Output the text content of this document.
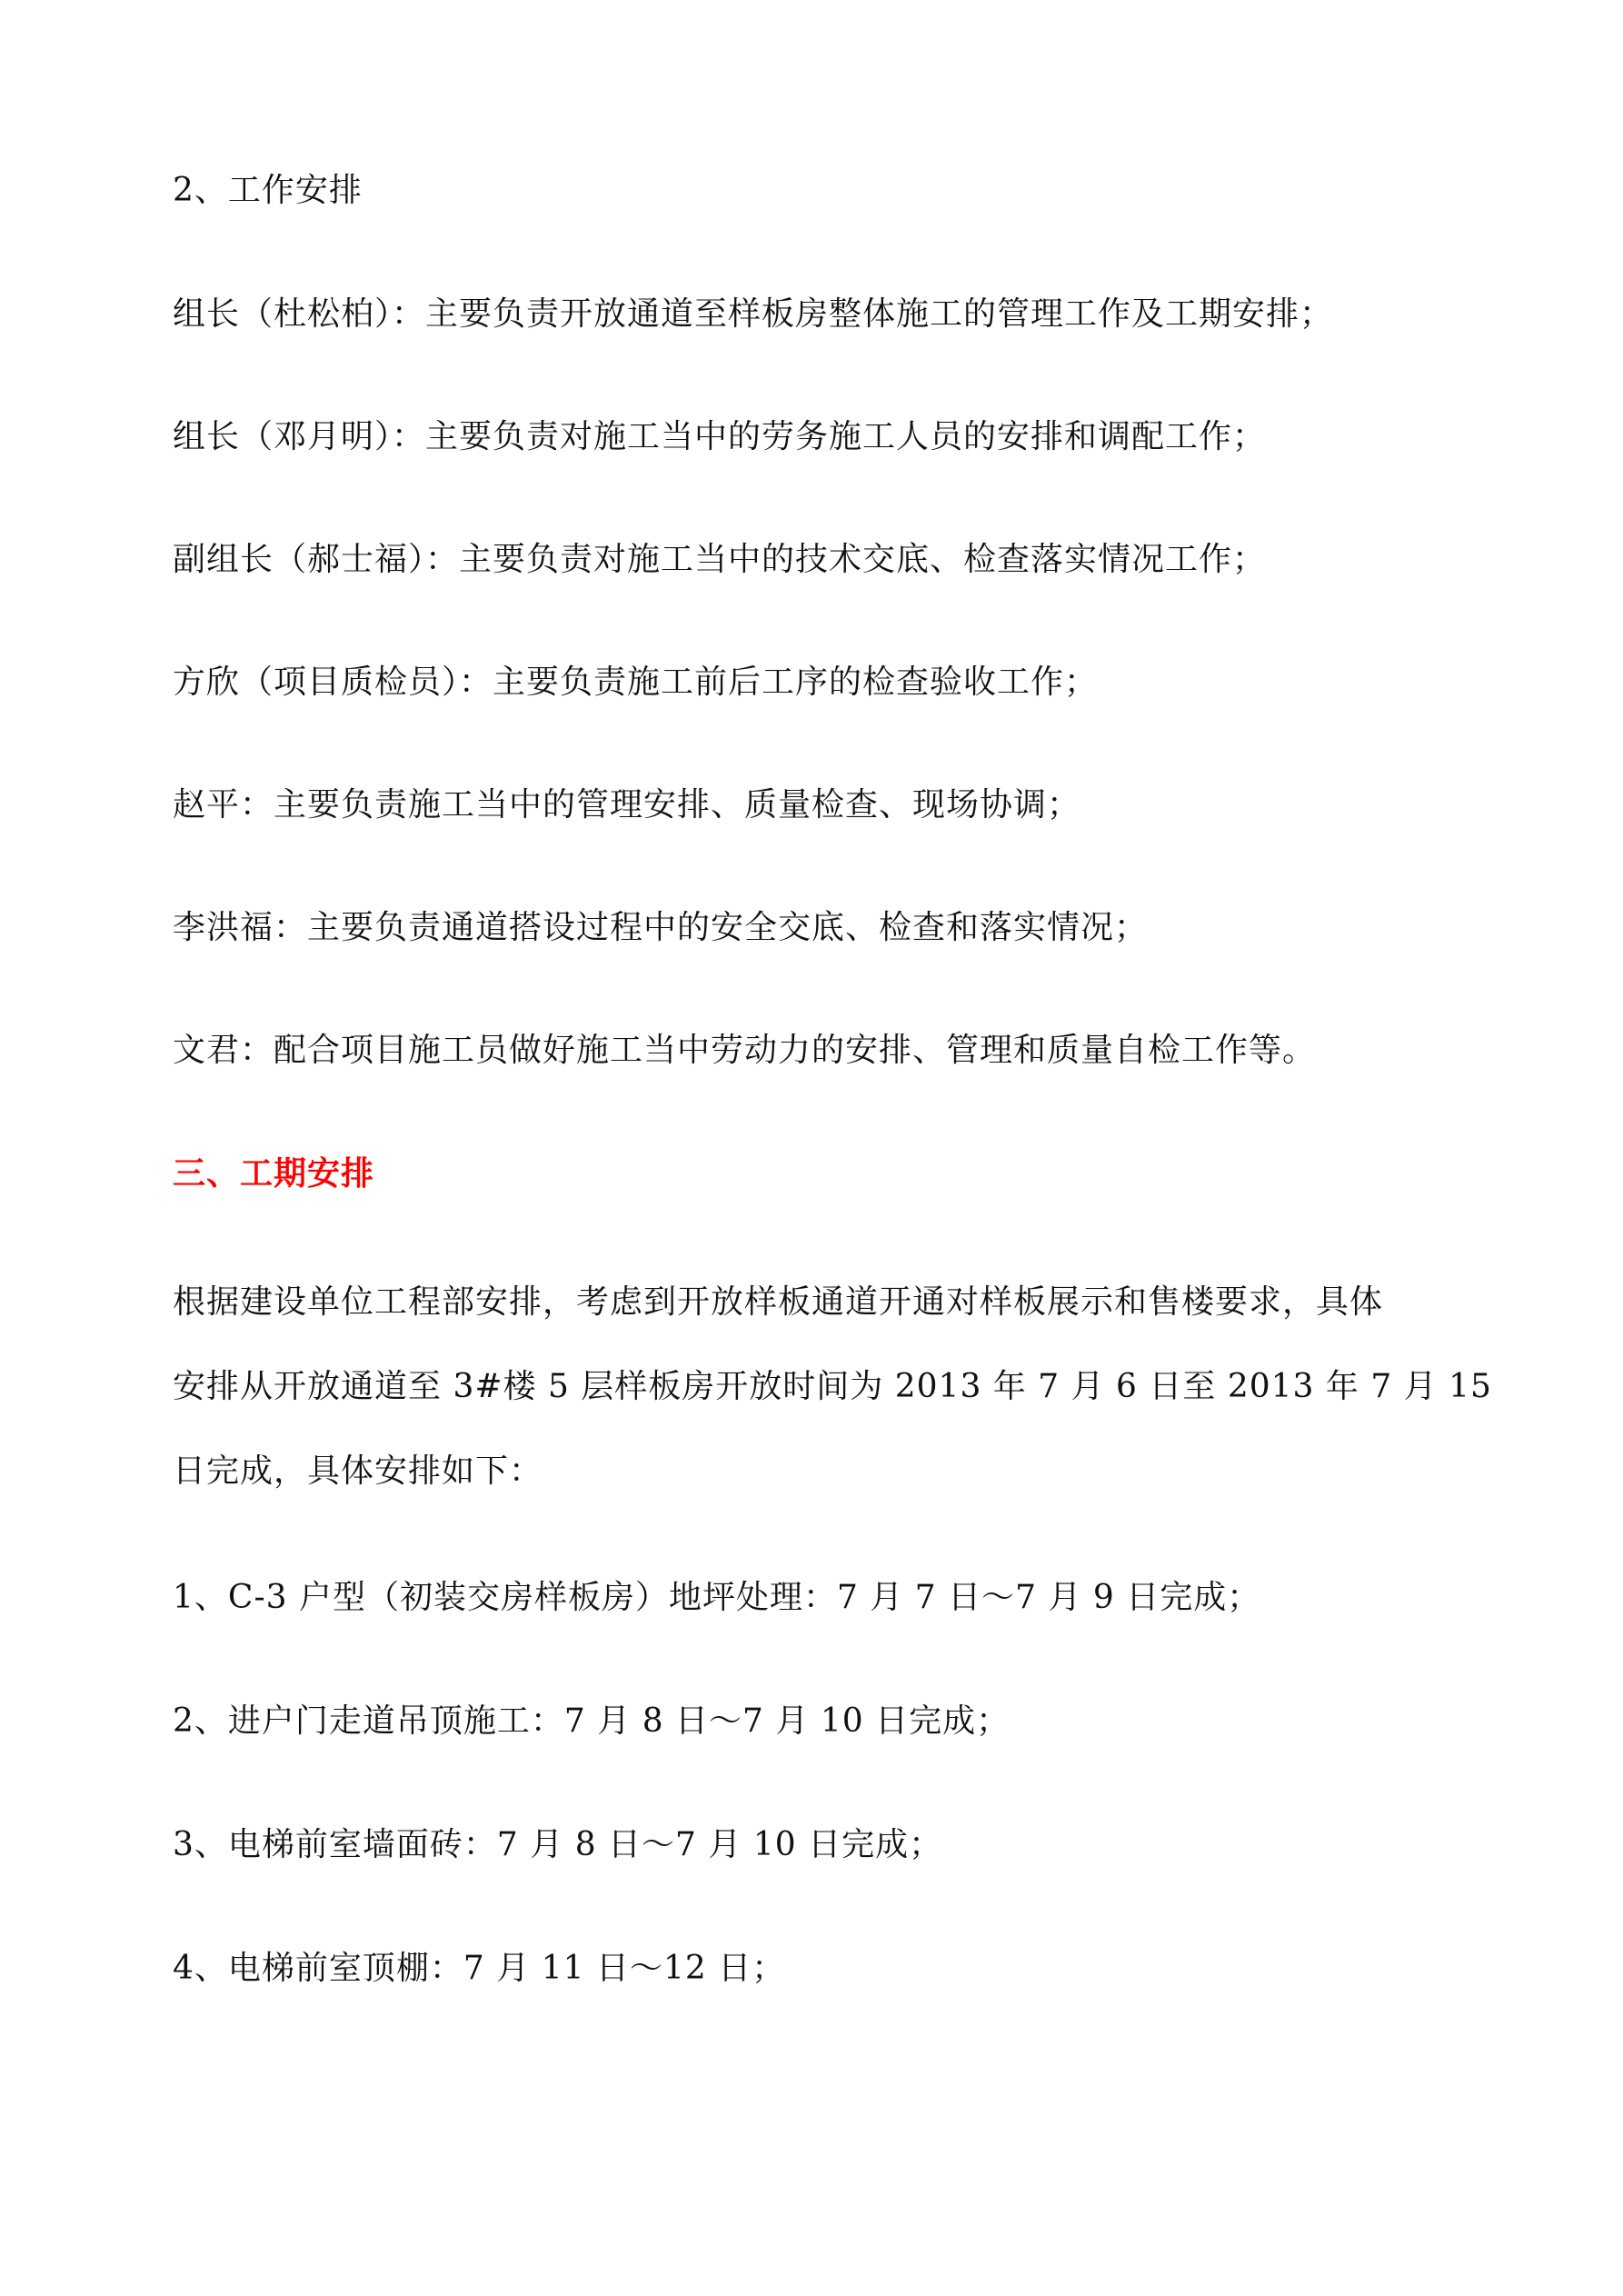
2、工作安排
组长（杜松柏）：主要负责开放通道至样板房整体施工的管理工作及工期安排；
组长（邓月明）：主要负责对施工当中的劳务施工人员的安排和调配工作；
副组长（郝士福）：主要负责对施工当中的技术交底、检查落实情况工作；
方欣（项目质检员）：主要负责施工前后工序的检查验收工作；
赵平：主要负责施工当中的管理安排、质量检查、现场协调；
李洪福：主要负责通道搭设过程中的安全交底、检查和落实情况；
文君：配合项目施工员做好施工当中劳动力的安排、管理和质量自检工作等。
三、工期安排
根据建设单位工程部安排，考虑到开放样板通道开通对样板展示和售楼要求，具体
安排从开放通道至 3#楼 5 层样板房开放时间为 2013 年 7 月 6 日至 2013 年 7 月 15
日完成，具体安排如下：
1、C-3 户型（初装交房样板房）地坪处理：7 月 7 日～7 月 9 日完成；
2、进户门走道吊顶施工：7 月 8 日～7 月 10 日完成；
3、电梯前室墙面砖：7 月 8 日～7 月 10 日完成；
4、电梯前室顶棚：7 月 11 日～12 日；
